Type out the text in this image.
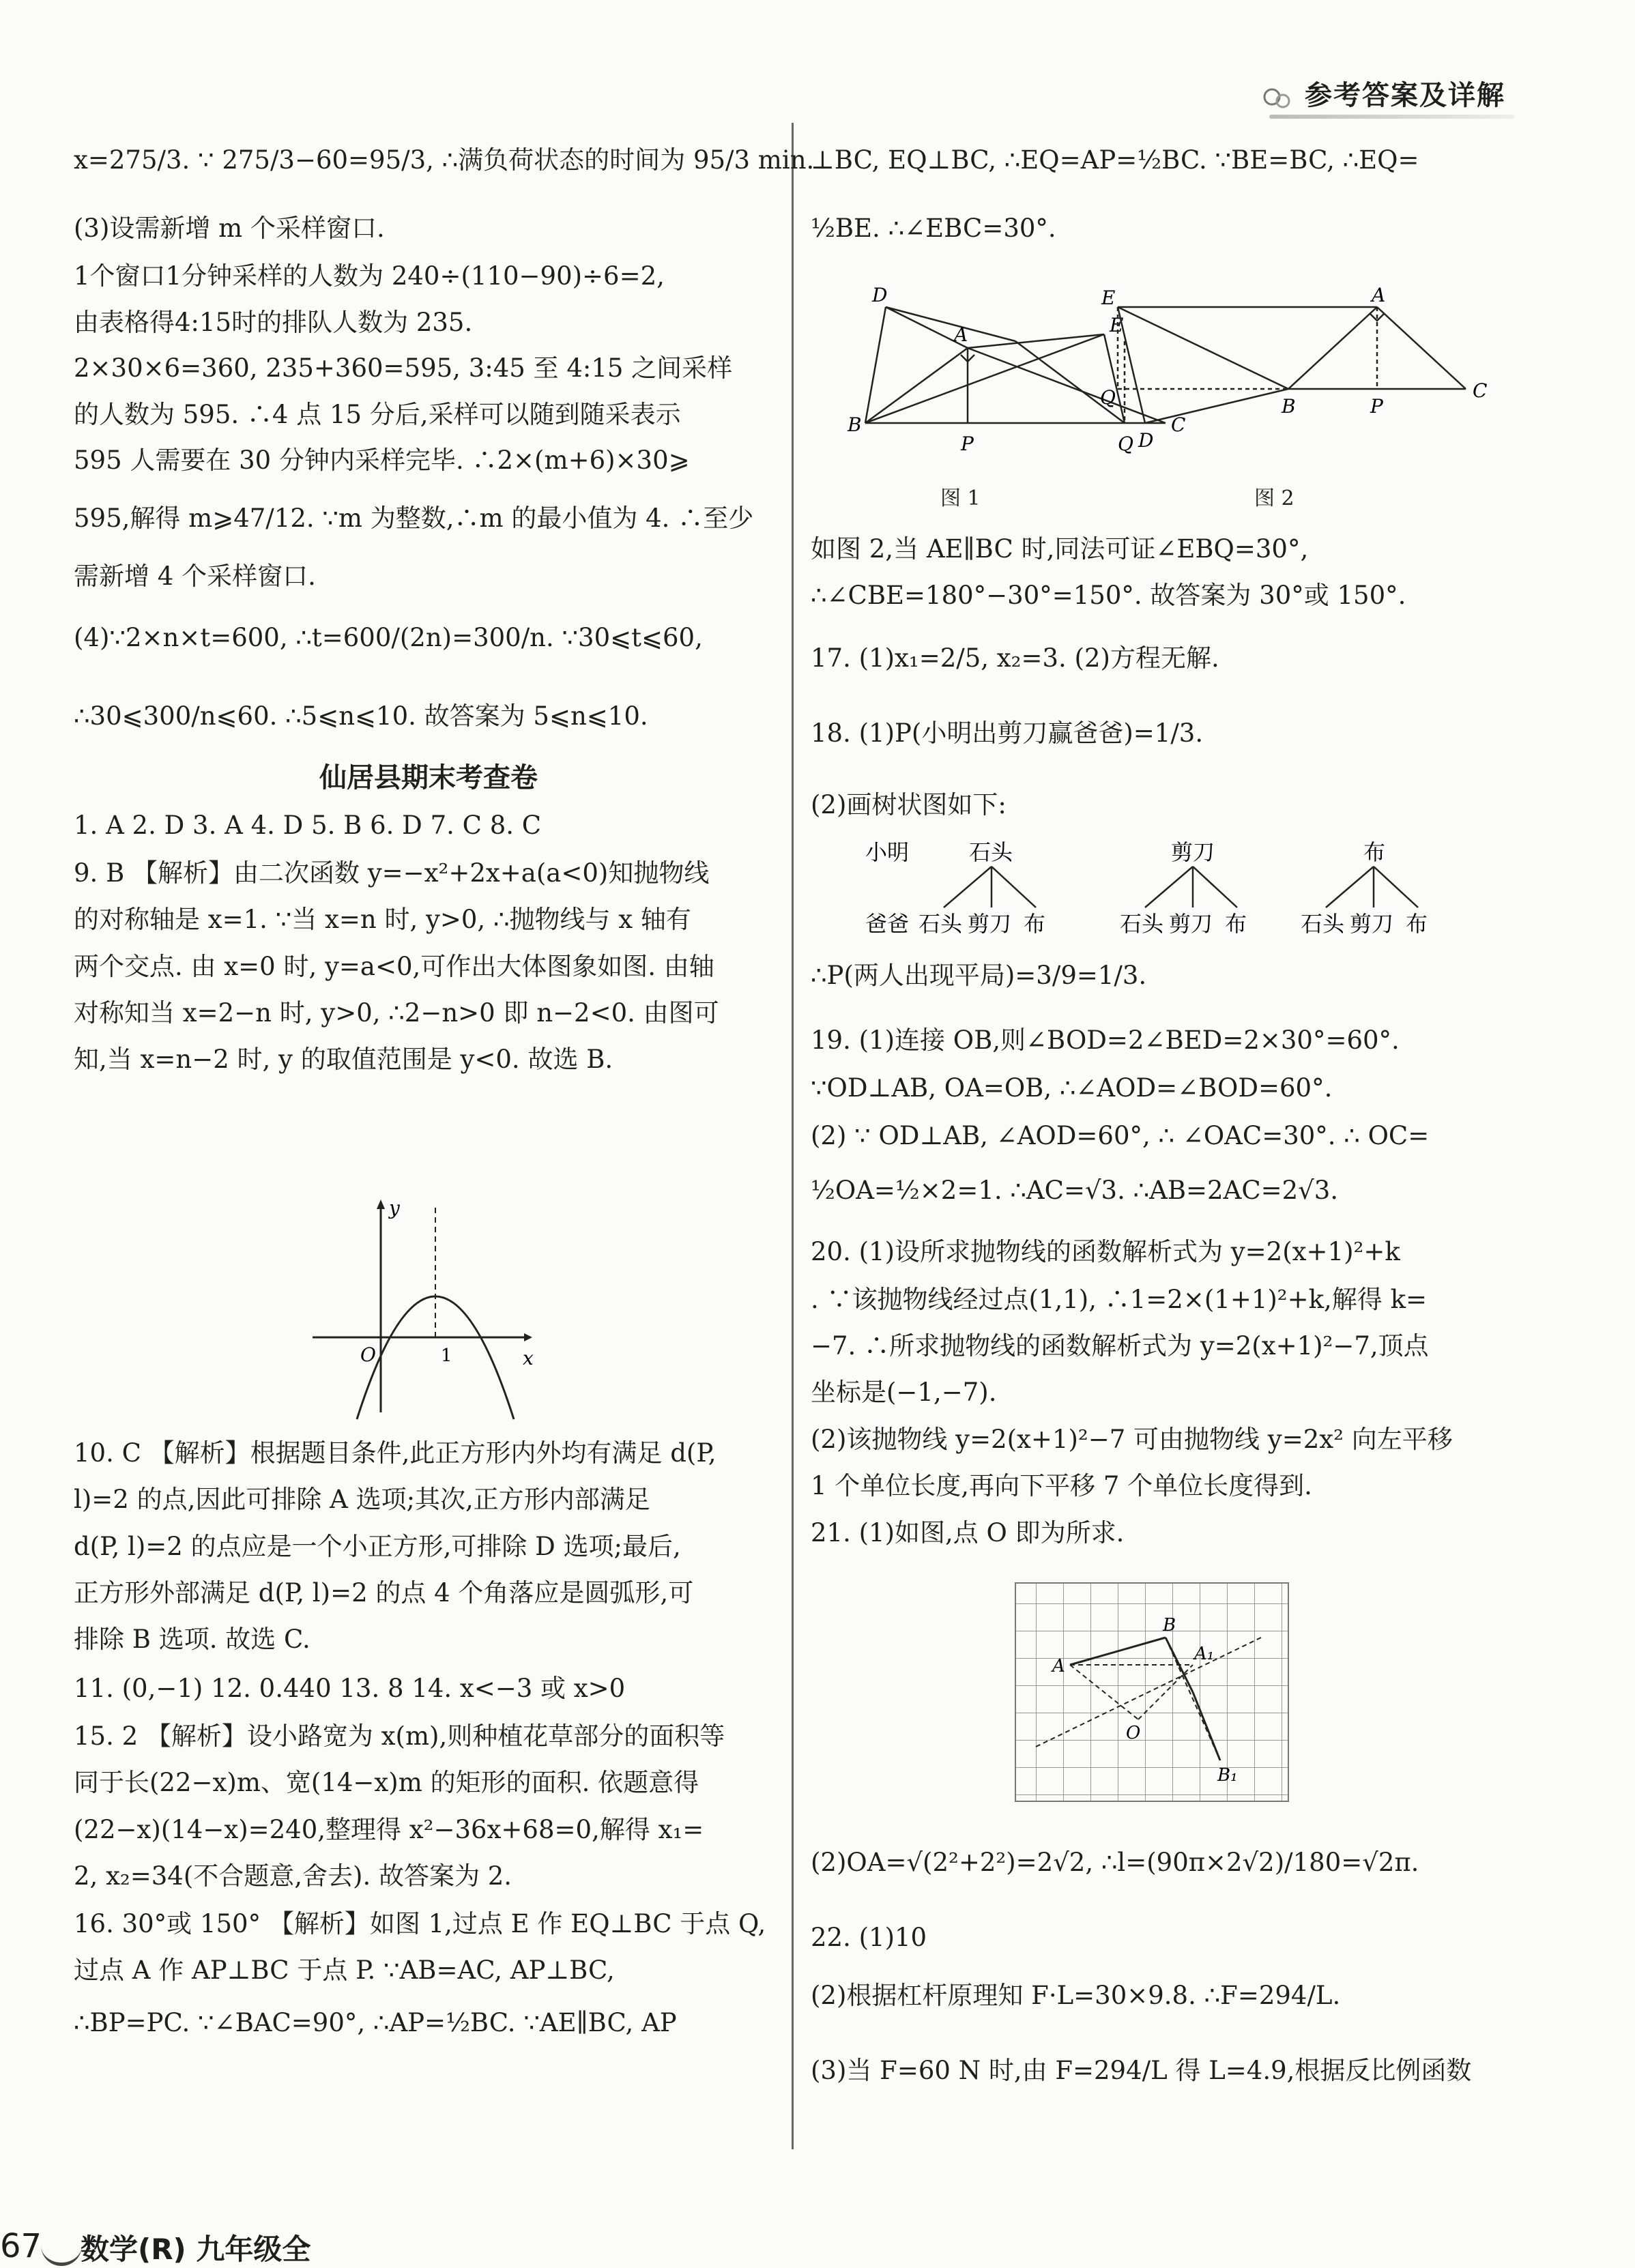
参考答案及详解
x=275/3. ∵ 275/3−60=95/3, ∴满负荷状态的时间为 95/3 min.
(3)设需新增 m 个采样窗口.
1个窗口1分钟采样的人数为 240÷(110−90)÷6=2,
由表格得4:15时的排队人数为 235.
2×30×6=360, 235+360=595, 3:45 至 4:15 之间采样
的人数为 595. ∴4 点 15 分后,采样可以随到随采表示
595 人需要在 30 分钟内采样完毕. ∴2×(m+6)×30⩾
595,解得 m⩾47/12. ∵m 为整数,∴m 的最小值为 4. ∴至少
需新增 4 个采样窗口.
(4)∵2×n×t=600, ∴t=600/(2n)=300/n. ∵30⩽t⩽60,
∴30⩽300/n⩽60. ∴5⩽n⩽10. 故答案为 5⩽n⩽10.
仙居县期末考查卷
1. A 2. D 3. A 4. D 5. B 6. D 7. C 8. C
9. B 【解析】由二次函数 y=−x²+2x+a(a<0)知抛物线
的对称轴是 x=1. ∵当 x=n 时, y>0, ∴抛物线与 x 轴有
两个交点. 由 x=0 时, y=a<0,可作出大体图象如图. 由轴
对称知当 x=2−n 时, y>0, ∴2−n>0 即 n−2<0. 由图可
知,当 x=n−2 时, y 的取值范围是 y<0. 故选 B.
y
x
O	1
10. C 【解析】根据题目条件,此正方形内外均有满足 d(P,
l)=2 的点,因此可排除 A 选项;其次,正方形内部满足
d(P, l)=2 的点应是一个小正方形,可排除 D 选项;最后,
正方形外部满足 d(P, l)=2 的点 4 个角落应是圆弧形,可
排除 B 选项. 故选 C.
11. (0,−1) 12. 0.440 13. 8 14. x<−3 或 x>0
15. 2 【解析】设小路宽为 x(m),则种植花草部分的面积等
同于长(22−x)m、宽(14−x)m 的矩形的面积. 依题意得
(22−x)(14−x)=240,整理得 x²−36x+68=0,解得 x₁=
2, x₂=34(不合题意,舍去). 故答案为 2.
16. 30°或 150° 【解析】如图 1,过点 E 作 EQ⊥BC 于点 Q,
过点 A 作 AP⊥BC 于点 P. ∵AB=AC, AP⊥BC,
∴BP=PC. ∵∠BAC=90°, ∴AP=½BC. ∵AE∥BC, AP
⊥BC, EQ⊥BC, ∴EQ=AP=½BC. ∵BE=BC, ∴EQ=
½BE. ∴∠EBC=30°.
D
A	E
B
P	Q
C
图 1
E	A
Q	B	P
C
D
图 2
如图 2,当 AE∥BC 时,同法可证∠EBQ=30°,
∴∠CBE=180°−30°=150°. 故答案为 30°或 150°.
17. (1)x₁=2/5, x₂=3. (2)方程无解.
18. (1)P(小明出剪刀赢爸爸)=1/3.
(2)画树状图如下:
小明
爸爸
石头	剪刀	布
石头 剪刀 布	石头 剪刀 布 石头 剪刀 布
∴P(两人出现平局)=3/9=1/3.
19. (1)连接 OB,则∠BOD=2∠BED=2×30°=60°.
∵OD⊥AB, OA=OB, ∴∠AOD=∠BOD=60°.
(2) ∵ OD⊥AB, ∠AOD=60°, ∴ ∠OAC=30°. ∴ OC=
½OA=½×2=1. ∴AC=√3. ∴AB=2AC=2√3.
20. (1)设所求抛物线的函数解析式为 y=2(x+1)²+k
. ∵该抛物线经过点(1,1), ∴1=2×(1+1)²+k,解得 k=
−7. ∴所求抛物线的函数解析式为 y=2(x+1)²−7,顶点
坐标是(−1,−7).
(2)该抛物线 y=2(x+1)²−7 可由抛物线 y=2x² 向左平移
1 个单位长度,再向下平移 7 个单位长度得到.
21. (1)如图,点 O 即为所求.
B
A₁
A
O
B₁
(2)OA=√(2²+2²)=2√2, ∴l=(90π×2√2)/180=√2π.
22. (1)10
(2)根据杠杆原理知 F·L=30×9.8. ∴F=294/L.
(3)当 F=60 N 时,由 F=294/L 得 L=4.9,根据反比例函数
67 数学(R) 九年级全
